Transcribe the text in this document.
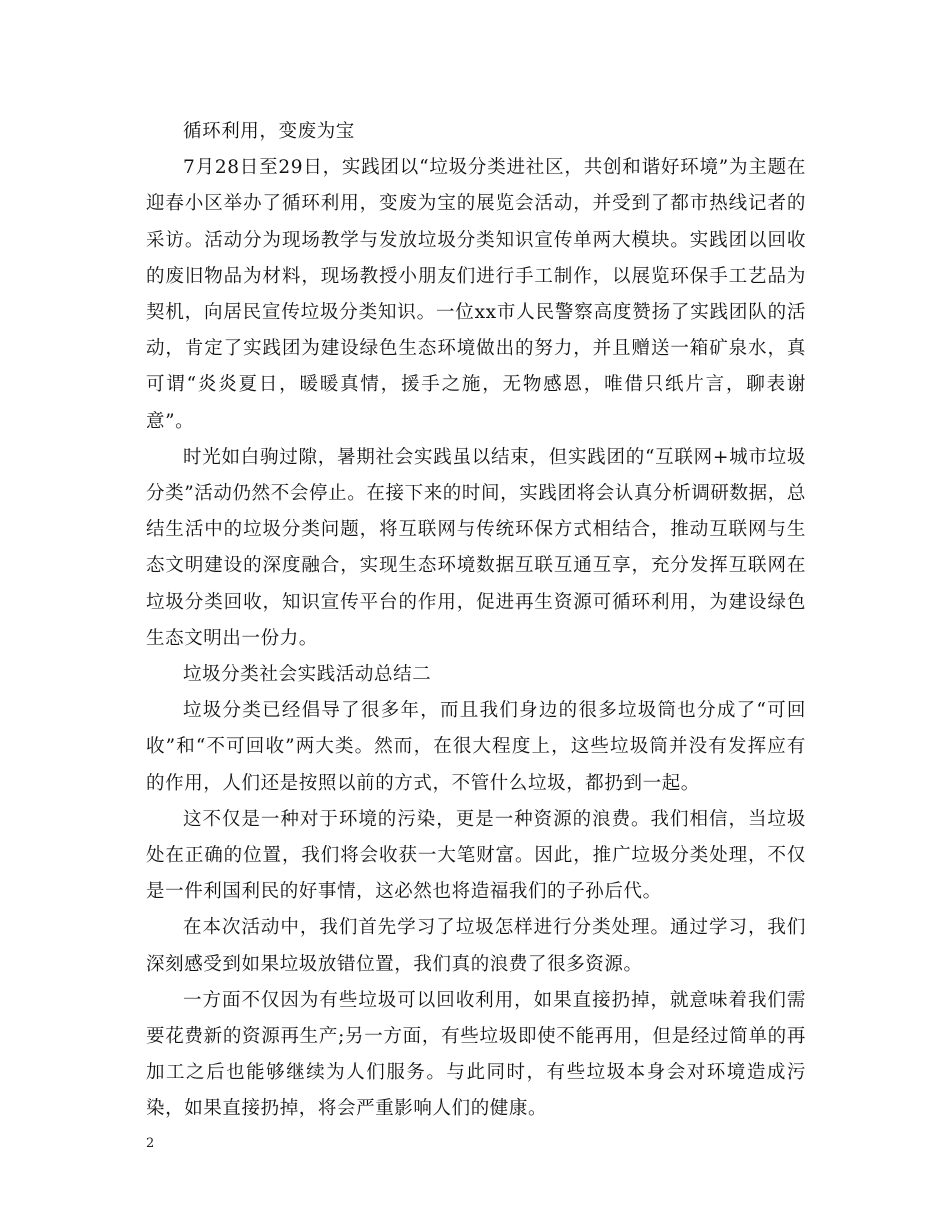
循环利用，变废为宝

7月28日至29日，实践团以“垃圾分类进社区，共创和谐好环境”为主题在迎春小区举办了循环利用，变废为宝的展览会活动，并受到了都市热线记者的采访。活动分为现场教学与发放垃圾分类知识宣传单两大模块。实践团以回收的废旧物品为材料，现场教授小朋友们进行手工制作，以展览环保手工艺品为契机，向居民宣传垃圾分类知识。一位xx市人民警察高度赞扬了实践团队的活动，肯定了实践团为建设绿色生态环境做出的努力，并且赠送一箱矿泉水，真可谓“炎炎夏日，暖暖真情，援手之施，无物感恩，唯借只纸片言，聊表谢意”。

时光如白驹过隙，暑期社会实践虽以结束，但实践团的“互联网+城市垃圾分类”活动仍然不会停止。在接下来的时间，实践团将会认真分析调研数据，总结生活中的垃圾分类问题，将互联网与传统环保方式相结合，推动互联网与生态文明建设的深度融合，实现生态环境数据互联互通互享，充分发挥互联网在垃圾分类回收，知识宣传平台的作用，促进再生资源可循环利用，为建设绿色生态文明出一份力。

垃圾分类社会实践活动总结二

垃圾分类已经倡导了很多年，而且我们身边的很多垃圾筒也分成了“可回收”和“不可回收”两大类。然而，在很大程度上，这些垃圾筒并没有发挥应有的作用，人们还是按照以前的方式，不管什么垃圾，都扔到一起。

这不仅是一种对于环境的污染，更是一种资源的浪费。我们相信，当垃圾处在正确的位置，我们将会收获一大笔财富。因此，推广垃圾分类处理，不仅是一件利国利民的好事情，这必然也将造福我们的子孙后代。

在本次活动中，我们首先学习了垃圾怎样进行分类处理。通过学习，我们深刻感受到如果垃圾放错位置，我们真的浪费了很多资源。

一方面不仅因为有些垃圾可以回收利用，如果直接扔掉，就意味着我们需要花费新的资源再生产;另一方面，有些垃圾即使不能再用，但是经过简单的再加工之后也能够继续为人们服务。与此同时，有些垃圾本身会对环境造成污染，如果直接扔掉，将会严重影响人们的健康。

2
